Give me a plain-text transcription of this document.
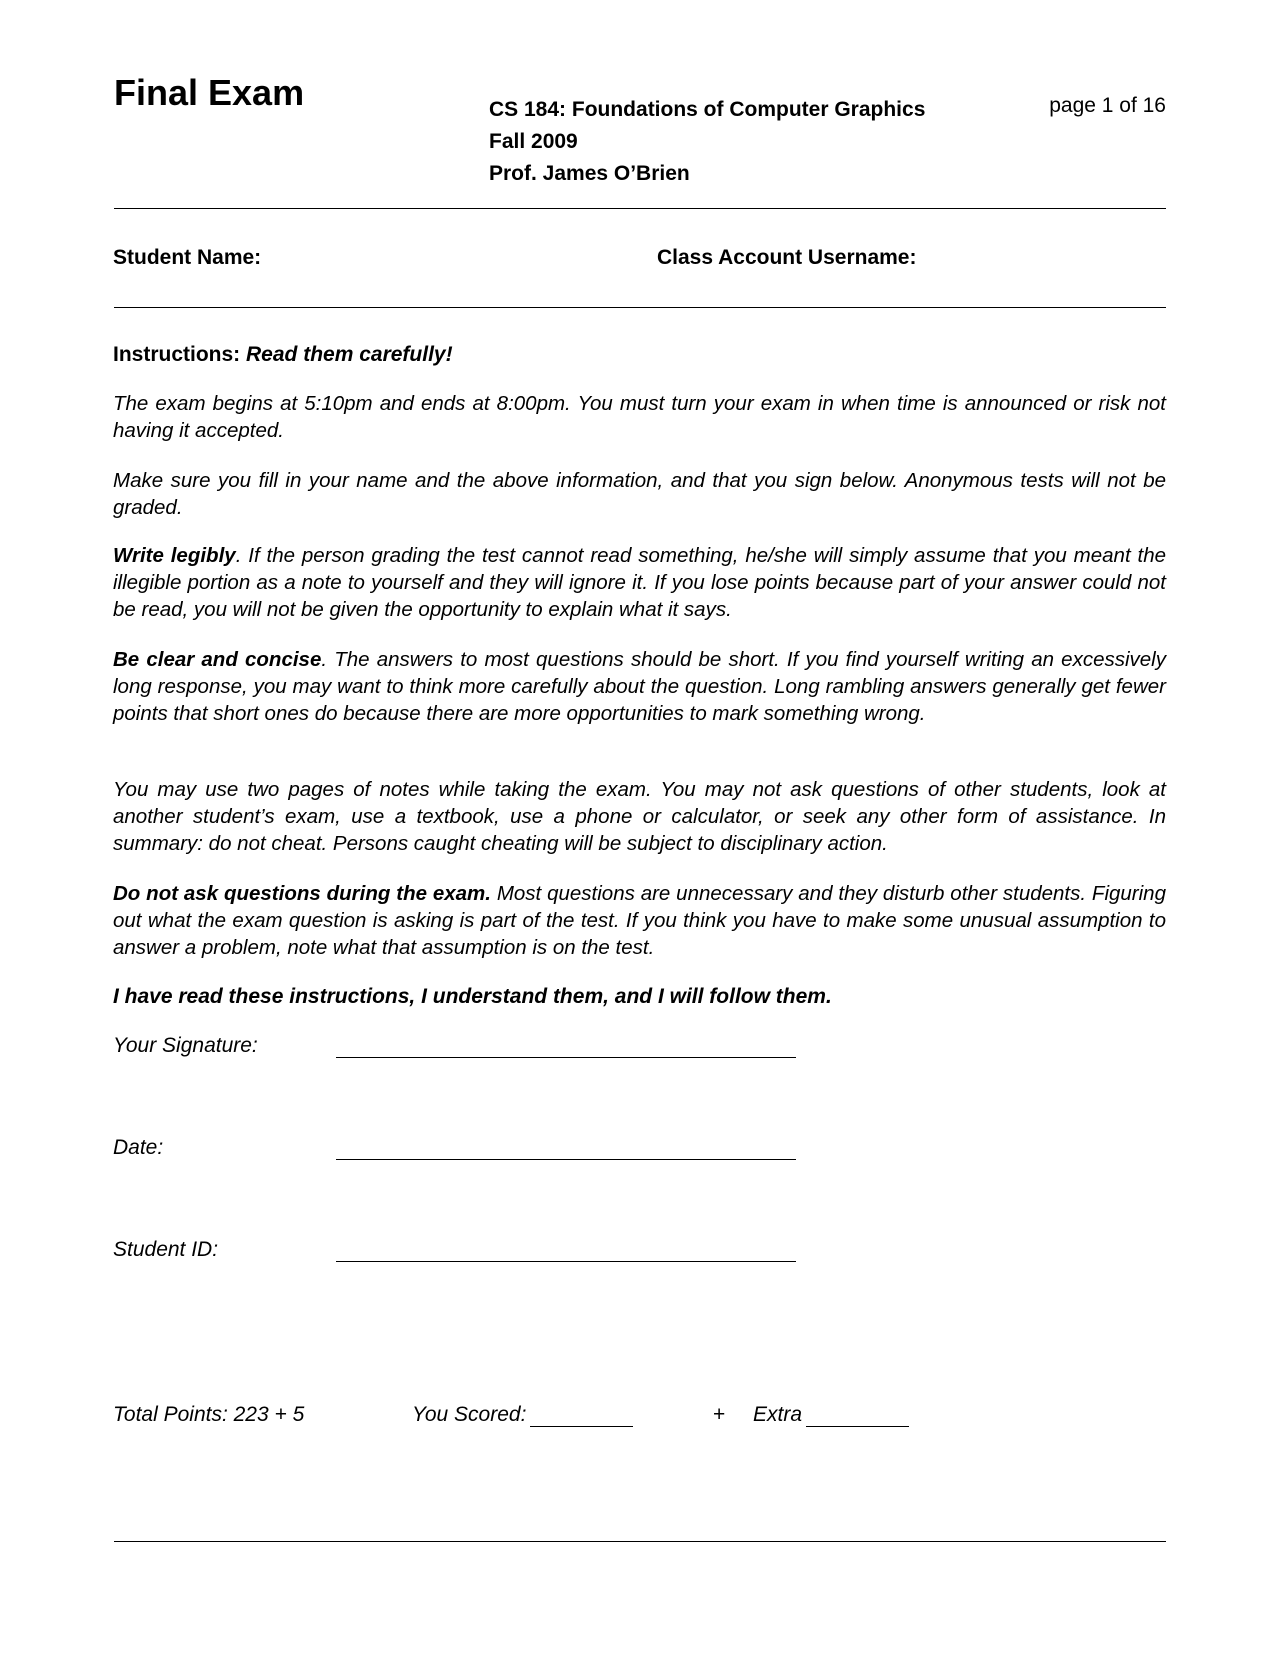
Final Exam	CS 184: Foundations of Computer Graphics
Fall 2009
Prof. James O’Brien
page 1 of 16
Student Name:	Class Account Username:
Instructions: Read them carefully!
The exam begins at 5:10pm and ends at 8:00pm. You must turn your exam in when time is announced or risk not having it accepted.
Make sure you fill in your name and the above information, and that you sign below. Anonymous tests will not be graded.
Write legibly. If the person grading the test cannot read something, he/she will simply assume that you meant the illegible portion as a note to yourself and they will ignore it. If you lose points because part of your answer could not be read, you will not be given the opportunity to explain what it says.
Be clear and concise. The answers to most questions should be short. If you find yourself writing an excessively long response, you may want to think more carefully about the question. Long rambling answers generally get fewer points that short ones do because there are more opportunities to mark something wrong.
You may use two pages of notes while taking the exam. You may not ask questions of other students, look at another student’s exam, use a textbook, use a phone or calculator, or seek any other form of assistance. In summary: do not cheat. Persons caught cheating will be subject to disciplinary action.
Do not ask questions during the exam. Most questions are unnecessary and they disturb other students. Figuring out what the exam question is asking is part of the test. If you think you have to make some unusual assumption to answer a problem, note what that assumption is on the test.
I have read these instructions, I understand them, and I will follow them.
Your Signature:
Date:
Student ID:
Total Points: 223 + 5	You Scored:	+ Extra
